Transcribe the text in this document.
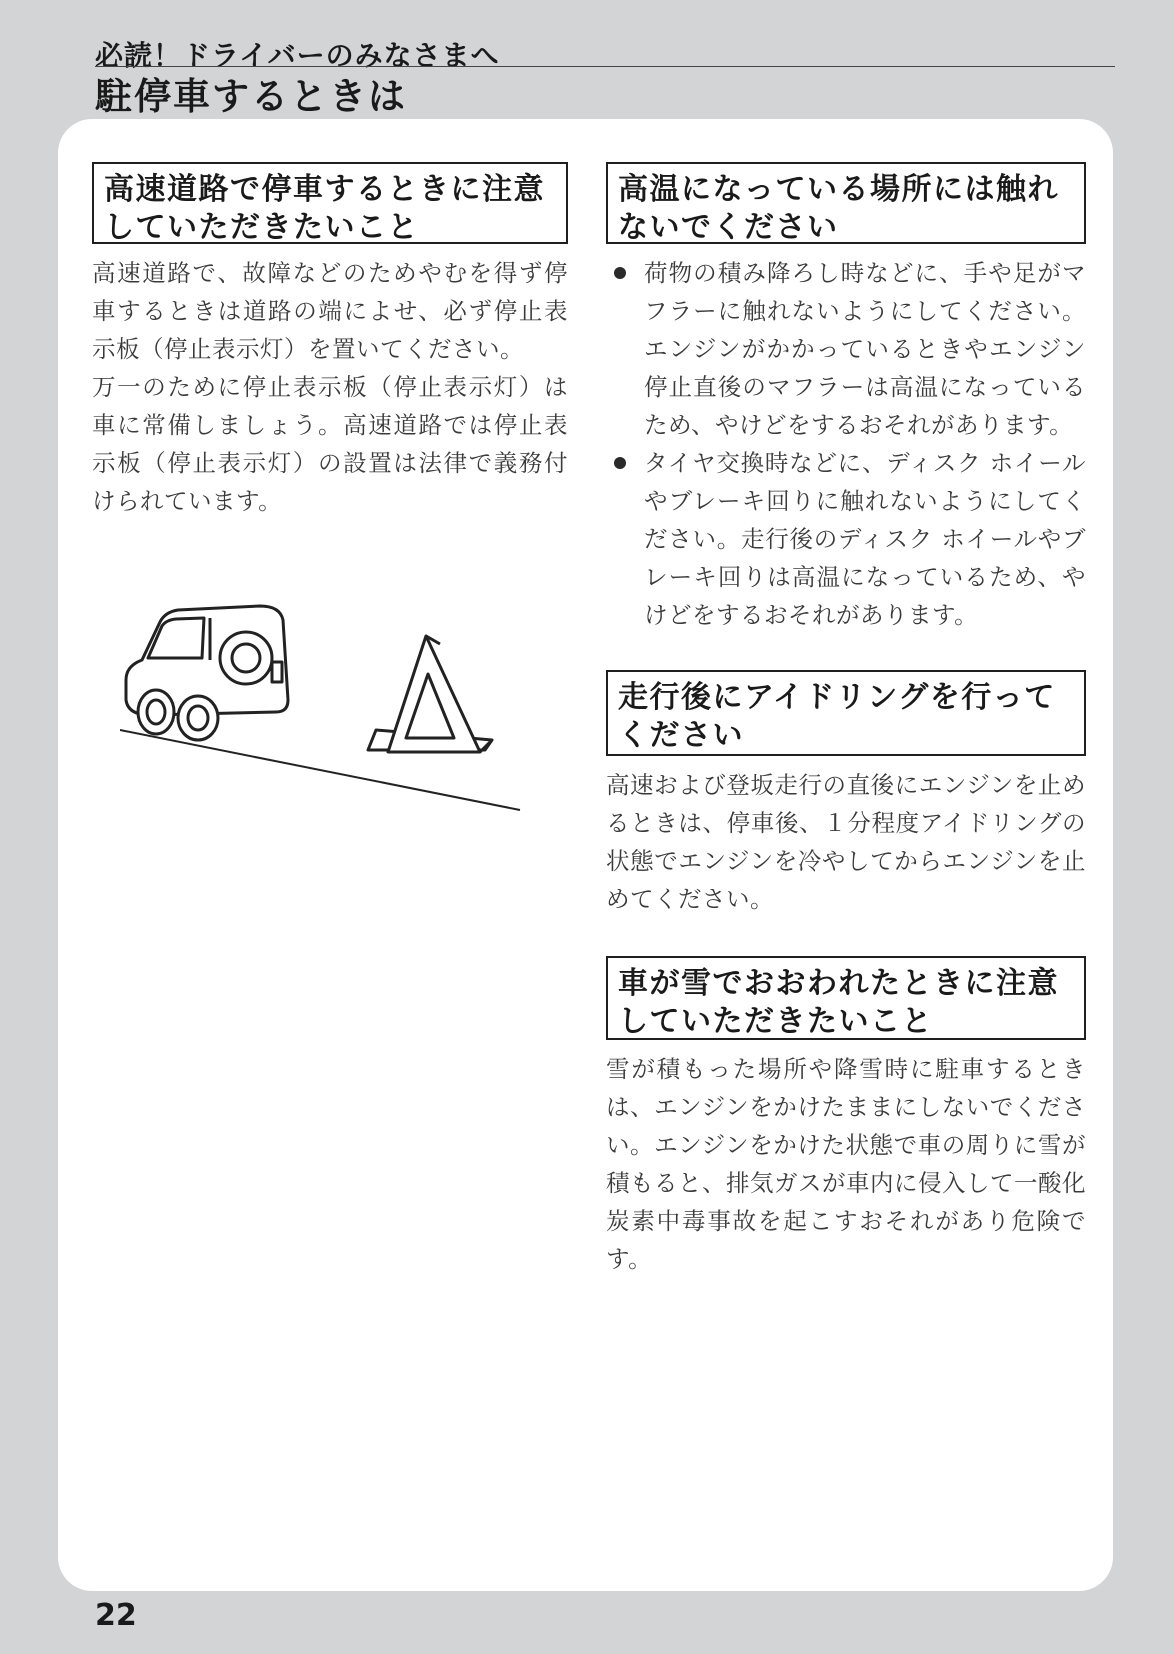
必読！ドライバーのみなさまへ
駐停車するときは
高速道路で停車するときに注意していただきたいこと

高速道路で、故障などのためやむを得ず停車するときは道路の端によせ、必ず停止表示板（停止表示灯）を置いてください。

万一のために停止表示板（停止表示灯）は車に常備しましょう。高速道路では停止表示板（停止表示灯）の設置は法律で義務付けられています。

高温になっている場所には触れないでください
荷物の積み降ろし時などに、手や足がマフラーに触れないようにしてください。エンジンがかかっているときやエンジン停止直後のマフラーは高温になっているため、やけどをするおそれがあります。
タイヤ交換時などに、ディスク ホイールやブレーキ回りに触れないようにしてください。走行後のディスク ホイールやブレーキ回りは高温になっているため、やけどをするおそれがあります。
走行後にアイドリングを行ってください
高速および登坂走行の直後にエンジンを止めるときは、停車後、１分程度アイドリングの状態でエンジンを冷やしてからエンジンを止めてください。
車が雪でおおわれたときに注意していただきたいこと
雪が積もった場所や降雪時に駐車するときは、エンジンをかけたままにしないでください。エンジンをかけた状態で車の周りに雪が積もると、排気ガスが車内に侵入して一酸化炭素中毒事故を起こすおそれがあり危険です。
22
